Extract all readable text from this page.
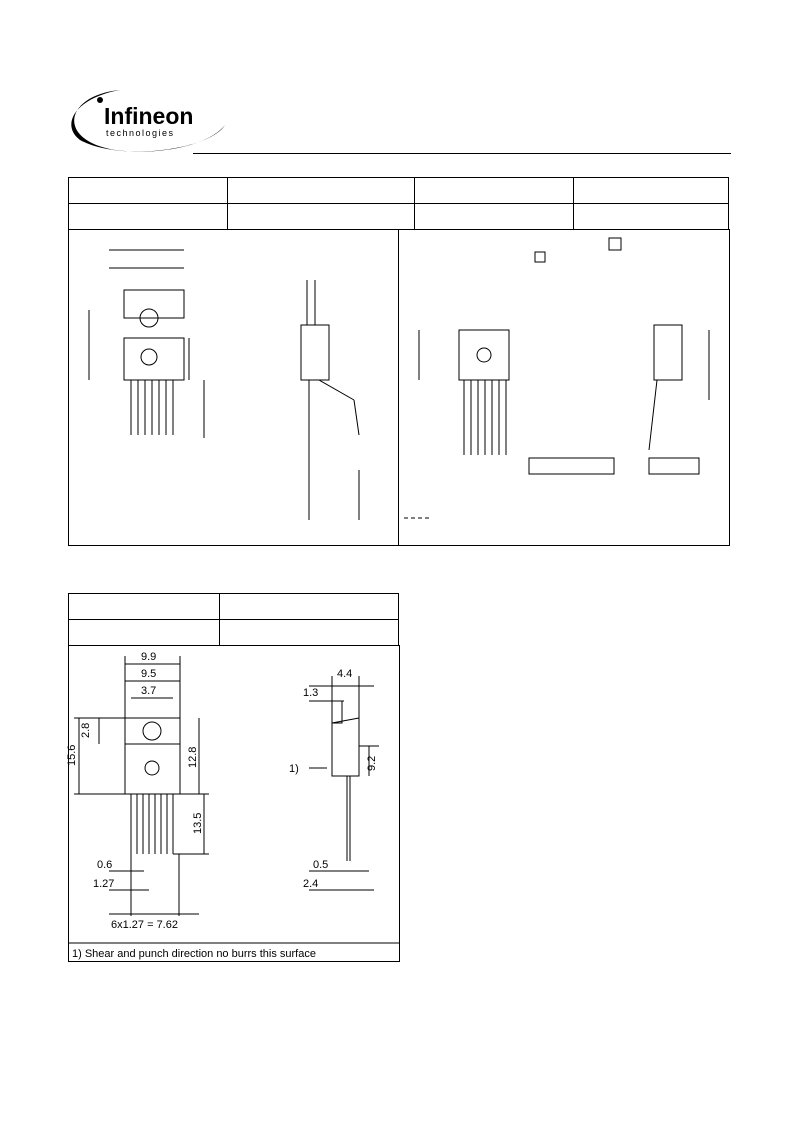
Infineon
technologies

9.9
9.5
3.7
2.8
15.6	12.8
13.5
0.6
1.27
6x1.27 = 7.62
4.4
1.3
9.2
1)
0.5
2.4
1) Shear and punch direction no burrs this surface
